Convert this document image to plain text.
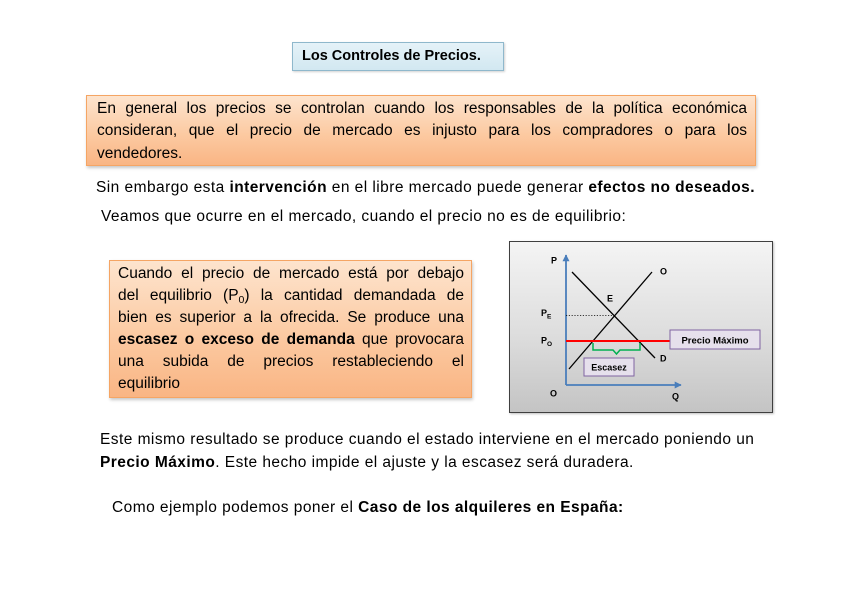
Los Controles de Precios.
En general los precios se controlan cuando los responsables de la política económica
consideran, que el precio de mercado es injusto para los compradores o para los
vendedores.
Sin embargo esta intervención en el libre mercado puede generar efectos no deseados.
Veamos que ocurre en el mercado, cuando el precio no es de equilibrio:
Cuando el precio de mercado está por debajo
del equilibrio $(P_0)$ la cantidad demandada de
bien es superior a la ofrecida. Se produce una
escasez o exceso de demanda que provocara
una subida de precios restableciendo el
equilibrio
Precio Máximo
Escasez
P
Q
O
O
D
E
$P_E$
$P_O$
Este mismo resultado se produce cuando el estado interviene en el mercado poniendo un
Precio Máximo. Este hecho impide el ajuste y la escasez será duradera.
Como ejemplo podemos poner el Caso de los alquileres en España:
